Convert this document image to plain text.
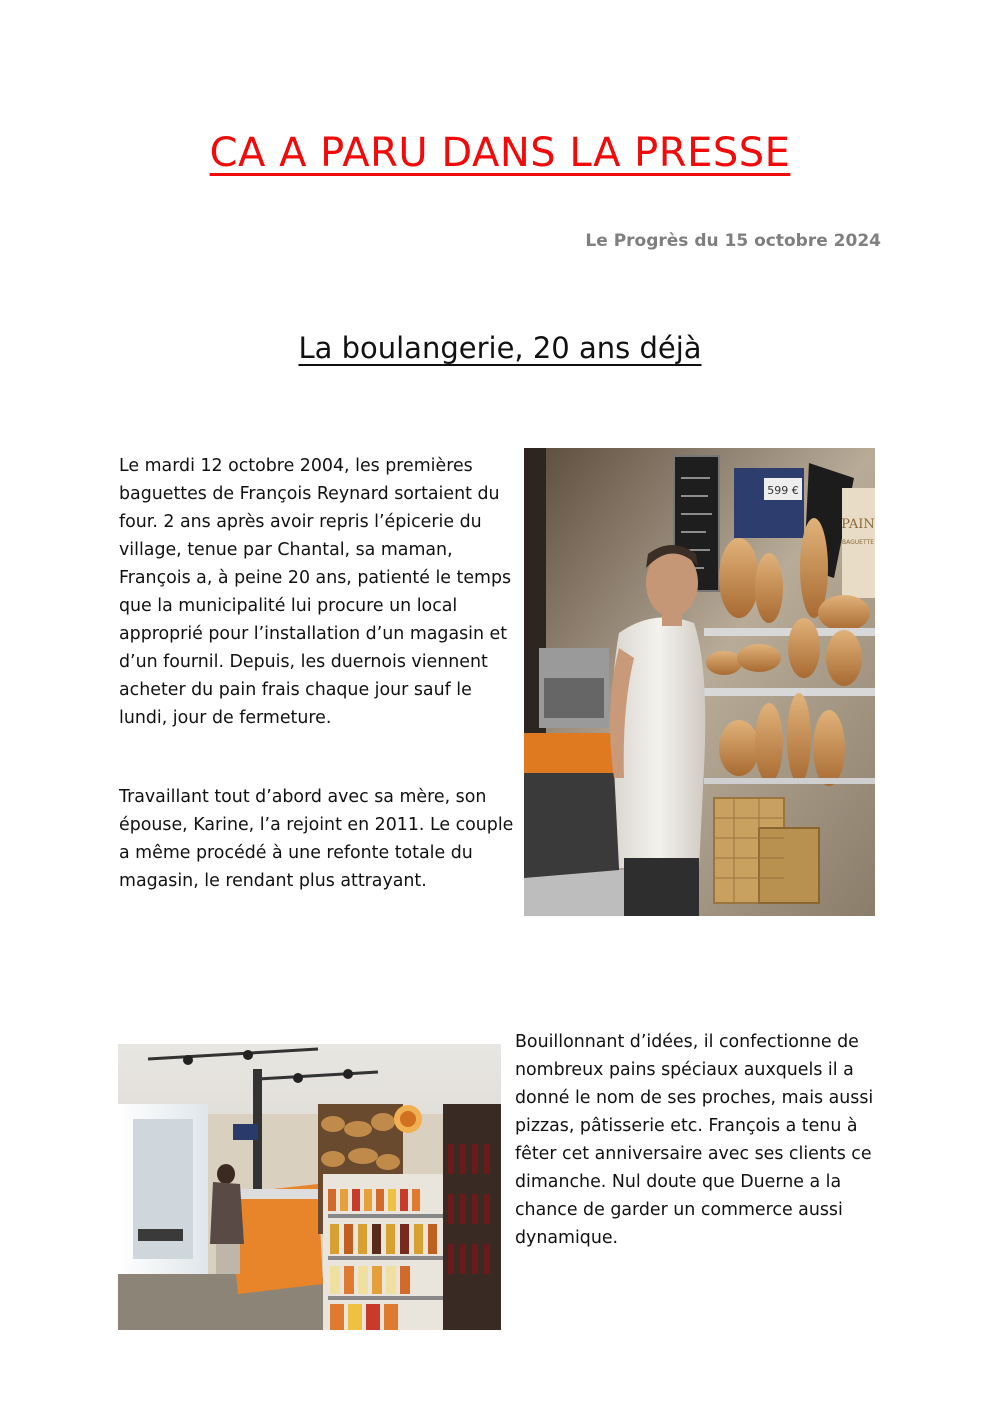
CA A PARU DANS LA PRESSE
Le Progrès du 15 octobre 2024
La boulangerie, 20 ans déjà
Le mardi 12 octobre 2004, les premières baguettes de François Reynard sortaient du four. 2 ans après avoir repris l’épicerie du village, tenue par Chantal, sa maman, François a, à peine 20 ans, patienté le temps que la municipalité lui procure un local approprié pour l’installation d’un magasin et d’un fournil. Depuis, les duernois viennent acheter du pain frais chaque jour sauf le lundi, jour de fermeture.
Travaillant tout d’abord avec sa mère, son épouse, Karine, l’a rejoint en 2011. Le couple a même procédé à une refonte totale du magasin, le rendant plus attrayant.
Bouillonnant d’idées, il confectionne de nombreux pains spéciaux auxquels il a donné le nom de ses proches, mais aussi pizzas, pâtisserie etc. François a tenu à fêter cet anniversaire avec ses clients ce dimanche. Nul doute que Duerne a la chance de garder un commerce aussi dynamique.
599 €
PAIN
BAGUETTE
